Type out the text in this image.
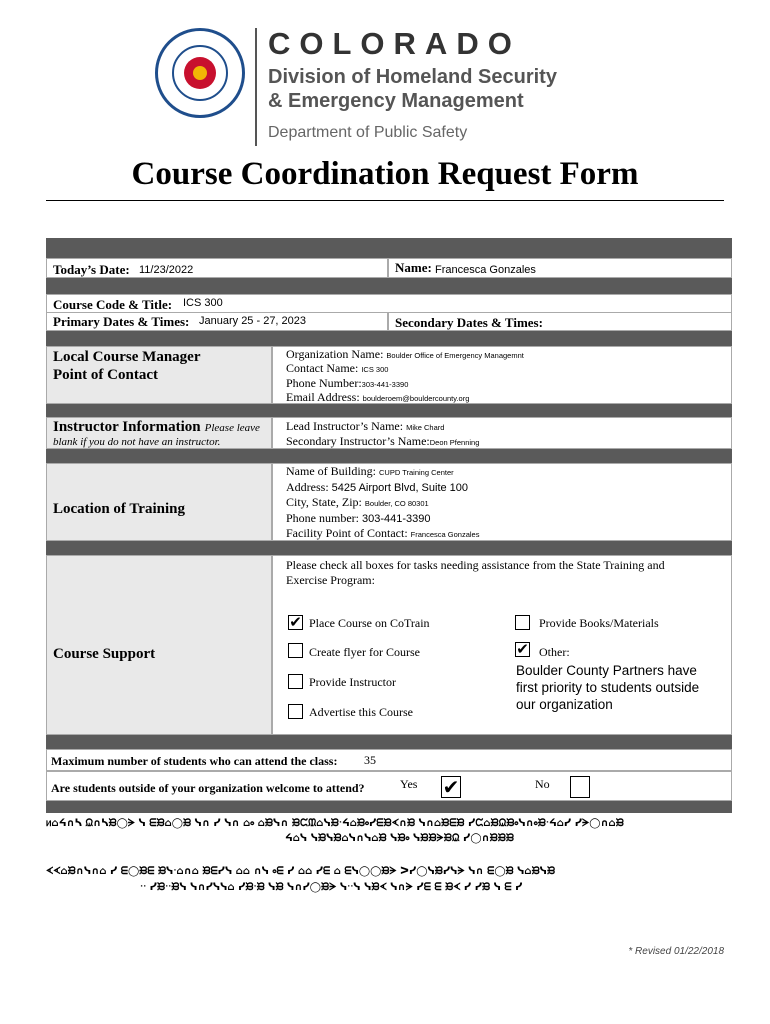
COLORADO
Division of Homeland Security
& Emergency Management
Department of Public Safety
Course Coordination Request Form
Today’s Date: 11/23/2022	Name: Francesca Gonzales
Course Code & Title: ICS 300
Primary Dates & Times: January 25 - 27, 2023	Secondary Dates & Times:
Local Course Manager
Point of Contact
Organization Name: Boulder Office of Emergency Managemnt
Contact Name: ICS 300
Phone Number:303-441-3390
Email Address: boulderoem@bouldercounty.org
Instructor Information Please leave
blank if you do not have an instructor.
Lead Instructor’s Name: Mike Chard
Secondary Instructor’s Name:Deon Pfenning
Location of Training
Name of Building: CUPD Training Center
Address: 5425 Airport Blvd, Suite 100
City, State, Zip: Boulder, CO 80301
Phone number: 303-441-3390
Facility Point of Contact: Francesca Gonzales
Course Support
Please check all boxes for tasks needing assistance from the State Training and
Exercise Program:
✔ Place Course on CoTrain	Provide Books/Materials
Create flyer for Course	✔ Other:
Boulder County Partners have first priority to students outside our organization
Provide Instructor
Advertise this Course
Maximum number of students who can attend the class: 35
Are students outside of your organization welcome to attend?	Yes ✔	No
ᥢ⌂ᔦ∩ᓴ ᙉ∩ᓴᙖ◯ᗒ ᓭ ᗴᙖ⌂◯ᙖ ᓭ∩ ᓯ ᓭ∩ ⌂⸰ ⌂ᙖᓭ∩ ᙖᙅᙢ⌂ᓭᙖᐧᔦ⌂ᙖ⸰ᓯᗴᙖᗉ∩ᙖ ᓭ∩⌂ᙖᗴᙖ ᓯᙅ⌂ᙖᙉᙖ⸰ᓭ∩⸰ᙖᐧᔦ⌂ᓯ ᓯᗒ◯∩⌂ᙖ
ᔦ⌂ᓭ ᓭᙖᓭᙖ⌂ᓭ∩ᓭ⌂ᙖ ᓭᙖ⸰ ᓭᙖᙖᗒᙖᙉ ᓯ◯∩ᙖᙖᙖ
ᗉᗉ⌂ᙖ∩ᓭ∩⌂ ᓯ ᗴ◯ᙖᗴ ᙖᓭᐧ⌂∩⌂ ᙖᗴᓯᓭ ⌂⌂ ∩ᓭ ⸰ᗴ ᓯ ⌂⌂ ᓯᗴ ⌂ ᗴᓭ◯◯ᙖᗒ ᐳᓯ◯ᓭᙖᓯᓭᗒ ᓭ∩ ᗴ◯ᙖ ᓭ⌂ᙖᓭᙖ
ᐧᐧ ᓯᙖᐧᐧᙖᓭ ᓭ∩ᓯᓭᓭ⌂ ᓯᙖᐧᙖ ᓭᙖ ᓭ∩ᓯ◯ᙖᗒ ᓭᐧᐧᓭ ᓭᙖᗉ ᓭ∩ᗒ ᓯᗴ ᗴ ᙖᗉ ᓯ ᓯᙖ ᓭ ᗴ ᓯ
* Revised 01/22/2018
